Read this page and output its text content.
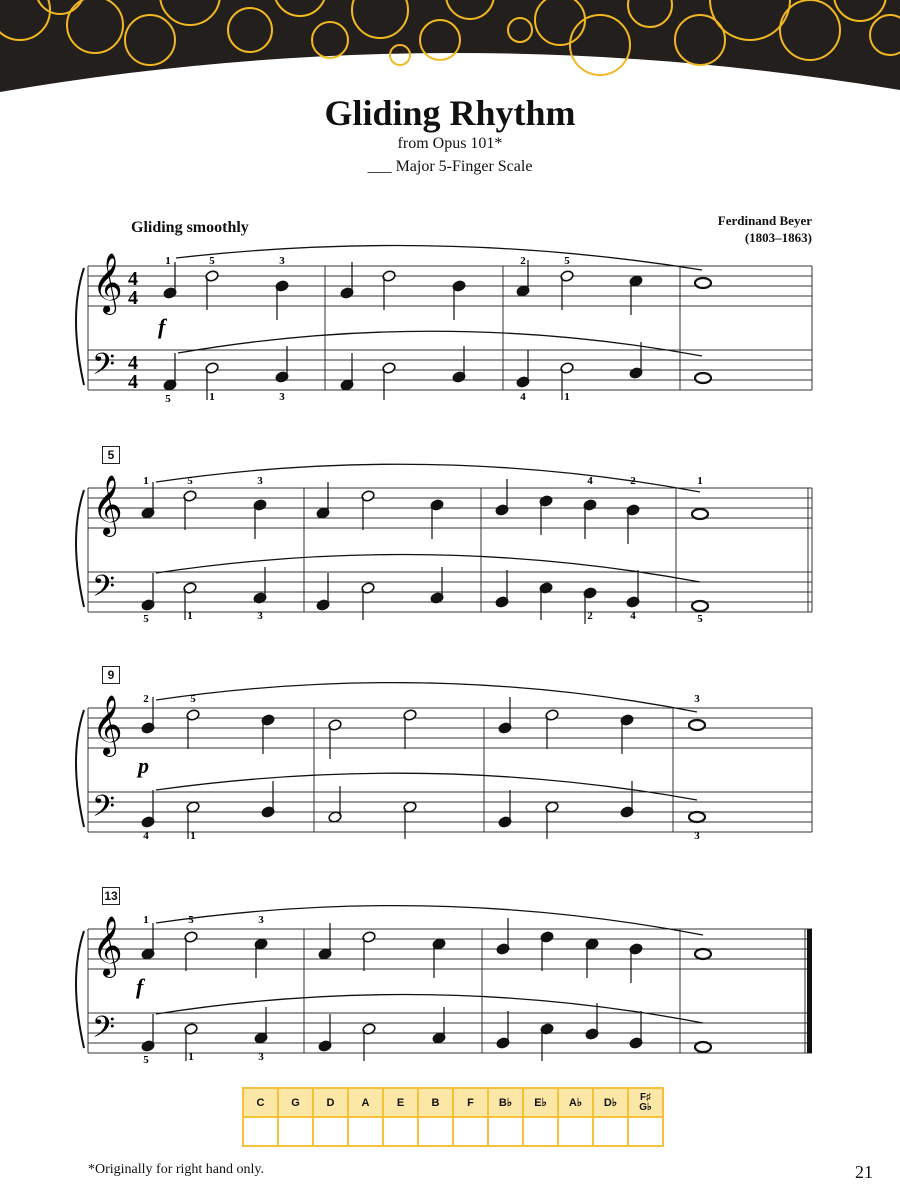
Gliding Rhythm
from Opus 101*
___ Major 5-Finger Scale
Gliding smoothly	Ferdinand Beyer
(1803–1863)
𝄞
𝄢
4
4
4
4
1	5	3	2	5
5	1	3	4	1
f
5
𝄞
𝄢
1	5	3	4	2	1
5	1	3	2	4	5
9
𝄞
𝄢
2	5	3
4	1	3
p
13
𝄞
𝄢
1	5	3
5	1	3
f
C	G	D	A	E	B	F	B♭	E♭	A♭	D♭	F♯
G♭

*Originally for right hand only.	21
